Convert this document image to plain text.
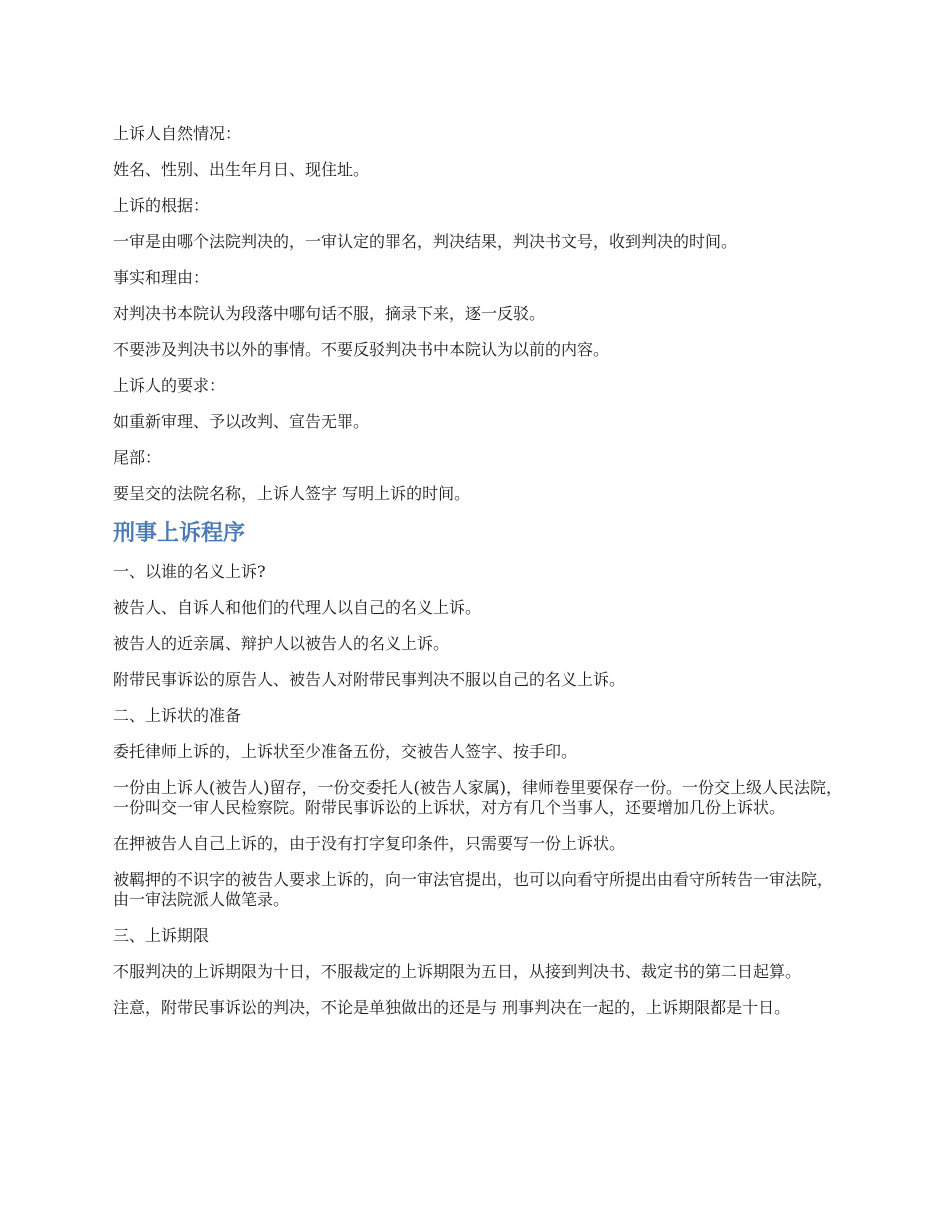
上诉人自然情况：

姓名、性别、出生年月日、现住址。

上诉的根据：

一审是由哪个法院判决的，一审认定的罪名，判决结果，判决书文号，收到判决的时间。

事实和理由：

对判决书本院认为段落中哪句话不服，摘录下来，逐一反驳。

不要涉及判决书以外的事情。不要反驳判决书中本院认为以前的内容。

上诉人的要求：

如重新审理、予以改判、宣告无罪。

尾部：

要呈交的法院名称，上诉人签字 写明上诉的时间。

刑事上诉程序

一、以谁的名义上诉?

被告人、自诉人和他们的代理人以自己的名义上诉。

被告人的近亲属、辩护人以被告人的名义上诉。

附带民事诉讼的原告人、被告人对附带民事判决不服以自己的名义上诉。

二、上诉状的准备

委托律师上诉的，上诉状至少准备五份，交被告人签字、按手印。

一份由上诉人(被告人)留存，一份交委托人(被告人家属)，律师卷里要保存一份。一份交上级人民法院，一份叫交一审人民检察院。附带民事诉讼的上诉状，对方有几个当事人，还要增加几份上诉状。

在押被告人自己上诉的，由于没有打字复印条件，只需要写一份上诉状。

被羁押的不识字的被告人要求上诉的，向一审法官提出，也可以向看守所提出由看守所转告一审法院，由一审法院派人做笔录。

三、上诉期限

不服判决的上诉期限为十日，不服裁定的上诉期限为五日，从接到判决书、裁定书的第二日起算。

注意，附带民事诉讼的判决，不论是单独做出的还是与 刑事判决在一起的，上诉期限都是十日。
